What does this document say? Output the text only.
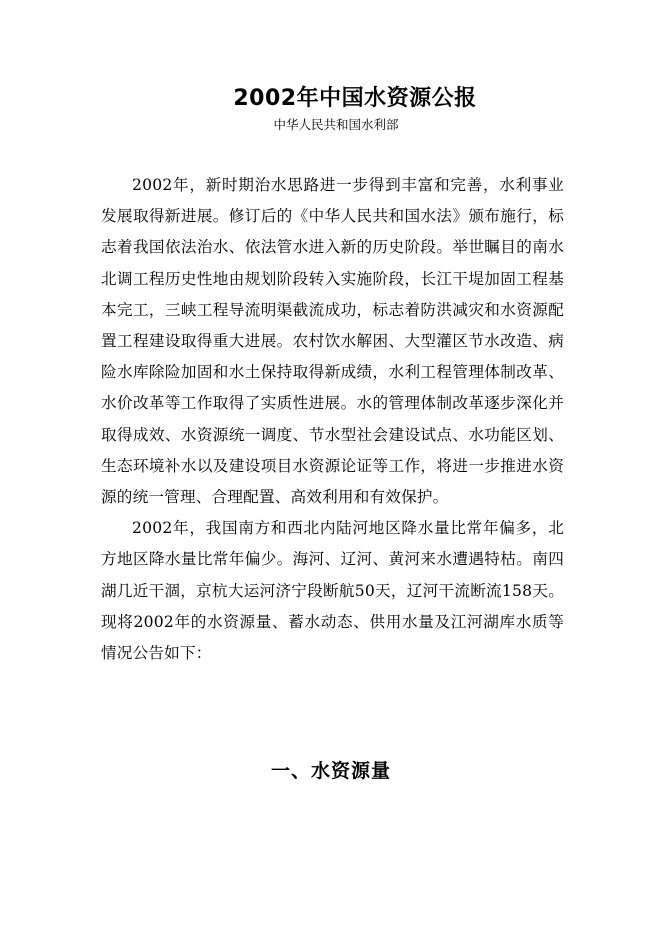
2002年中国水资源公报
中华人民共和国水利部

2002年，新时期治水思路进一步得到丰富和完善，水利事业发展取得新进展。修订后的《中华人民共和国水法》颁布施行，标志着我国依法治水、依法管水进入新的历史阶段。举世瞩目的南水北调工程历史性地由规划阶段转入实施阶段，长江干堤加固工程基本完工，三峡工程导流明渠截流成功，标志着防洪减灾和水资源配置工程建设取得重大进展。农村饮水解困、大型灌区节水改造、病险水库除险加固和水土保持取得新成绩，水利工程管理体制改革、水价改革等工作取得了实质性进展。水的管理体制改革逐步深化并取得成效、水资源统一调度、节水型社会建设试点、水功能区划、生态环境补水以及建设项目水资源论证等工作，将进一步推进水资源的统一管理、合理配置、高效利用和有效保护。

2002年，我国南方和西北内陆河地区降水量比常年偏多，北方地区降水量比常年偏少。海河、辽河、黄河来水遭遇特枯。南四湖几近干涸，京杭大运河济宁段断航50天，辽河干流断流158天。现将2002年的水资源量、蓄水动态、供用水量及江河湖库水质等情况公告如下：

一、水资源量
